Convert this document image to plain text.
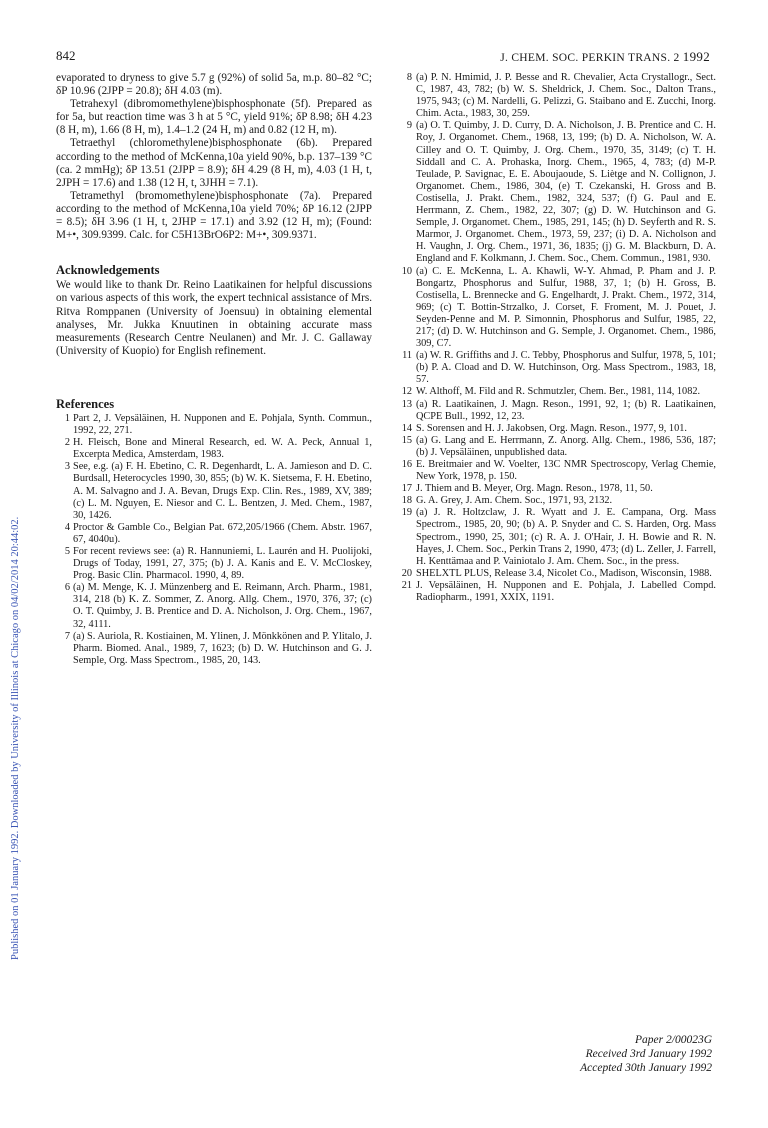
Published on 01 January 1992. Downloaded by University of Illinois at Chicago on 04/02/2014 20:44:02.
842	J. CHEM. SOC. PERKIN TRANS. 2 1992

evaporated to dryness to give 5.7 g (92%) of solid 5a, m.p. 80–82 °C; δP 10.96 (2JPP = 20.8); δH 4.03 (m).

Tetrahexyl (dibromomethylene)bisphosphonate (5f). Prepared as for 5a, but reaction time was 3 h at 5 °C, yield 91%; δP 8.98; δH 4.23 (8 H, m), 1.66 (8 H, m), 1.4–1.2 (24 H, m) and 0.82 (12 H, m).

Tetraethyl (chloromethylene)bisphosphonate (6b). Prepared according to the method of McKenna,10a yield 90%, b.p. 137–139 °C (ca. 2 mmHg); δP 13.51 (2JPP = 8.9); δH 4.29 (8 H, m), 4.03 (1 H, t, 2JPH = 17.6) and 1.38 (12 H, t, 3JHH = 7.1).

Tetramethyl (bromomethylene)bisphosphonate (7a). Prepared according to the method of McKenna,10a yield 70%; δP 16.12 (2JPP = 8.5); δH 3.96 (1 H, t, 2JHP = 17.1) and 3.92 (12 H, m); (Found: M+•, 309.9399. Calc. for C5H13BrO6P2: M+•, 309.9371.

Acknowledgements

We would like to thank Dr. Reino Laatikainen for helpful discussions on various aspects of this work, the expert technical assistance of Mrs. Ritva Romppanen (University of Joensuu) in obtaining elemental analyses, Mr. Jukka Knuutinen in obtaining accurate mass measurements (Research Centre Neulanen) and Mr. J. C. Gallaway (University of Kuopio) for English refinement.

References
1 Part 2, J. Vepsäläinen, H. Nupponen and E. Pohjala, Synth. Commun., 1992, 22, 271.
2 H. Fleisch, Bone and Mineral Research, ed. W. A. Peck, Annual 1, Excerpta Medica, Amsterdam, 1983.
3 See, e.g. (a) F. H. Ebetino, C. R. Degenhardt, L. A. Jamieson and D. C. Burdsall, Heterocycles 1990, 30, 855; (b) W. K. Sietsema, F. H. Ebetino, A. M. Salvagno and J. A. Bevan, Drugs Exp. Clin. Res., 1989, XV, 389; (c) L. M. Nguyen, E. Niesor and C. L. Bentzen, J. Med. Chem., 1987, 30, 1426.
4 Proctor & Gamble Co., Belgian Pat. 672,205/1966 (Chem. Abstr. 1967, 67, 4040u).
5 For recent reviews see: (a) R. Hannuniemi, L. Laurén and H. Puolijoki, Drugs of Today, 1991, 27, 375; (b) J. A. Kanis and E. V. McCloskey, Prog. Basic Clin. Pharmacol. 1990, 4, 89.
6 (a) M. Menge, K. J. Münzenberg and E. Reimann, Arch. Pharm., 1981, 314, 218 (b) K. Z. Sommer, Z. Anorg. Allg. Chem., 1970, 376, 37; (c) O. T. Quimby, J. B. Prentice and D. A. Nicholson, J. Org. Chem., 1967, 32, 4111.
7 (a) S. Auriola, R. Kostiainen, M. Ylinen, J. Mönkkönen and P. Ylitalo, J. Pharm. Biomed. Anal., 1989, 7, 1623; (b) D. W. Hutchinson and G. J. Semple, Org. Mass Spectrom., 1985, 20, 143.
8 (a) P. N. Hmimid, J. P. Besse and R. Chevalier, Acta Crystallogr., Sect. C, 1987, 43, 782; (b) W. S. Sheldrick, J. Chem. Soc., Dalton Trans., 1975, 943; (c) M. Nardelli, G. Pelizzi, G. Staibano and E. Zucchi, Inorg. Chim. Acta., 1983, 30, 259.
9 (a) O. T. Quimby, J. D. Curry, D. A. Nicholson, J. B. Prentice and C. H. Roy, J. Organomet. Chem., 1968, 13, 199; (b) D. A. Nicholson, W. A. Cilley and O. T. Quimby, J. Org. Chem., 1970, 35, 3149; (c) T. H. Siddall and C. A. Prohaska, Inorg. Chem., 1965, 4, 783; (d) M-P. Teulade, P. Savignac, E. E. Aboujaoude, S. Liètge and N. Collignon, J. Organomet. Chem., 1986, 304, (e) T. Czekanski, H. Gross and B. Costisella, J. Prakt. Chem., 1982, 324, 537; (f) G. Paul and E. Herrmann, Z. Chem., 1982, 22, 307; (g) D. W. Hutchinson and G. Semple, J. Organomet. Chem., 1985, 291, 145; (h) D. Seyferth and R. S. Marmor, J. Organomet. Chem., 1973, 59, 237; (i) D. A. Nicholson and H. Vaughn, J. Org. Chem., 1971, 36, 1835; (j) G. M. Blackburn, D. A. England and F. Kolkmann, J. Chem. Soc., Chem. Commun., 1981, 930.
10 (a) C. E. McKenna, L. A. Khawli, W-Y. Ahmad, P. Pham and J. P. Bongartz, Phosphorus and Sulfur, 1988, 37, 1; (b) H. Gross, B. Costisella, L. Brennecke and G. Engelhardt, J. Prakt. Chem., 1972, 314, 969; (c) T. Bottin-Strzalko, J. Corset, F. Froment, M. J. Pouet, J. Seyden-Penne and M. P. Simonnin, Phosphorus and Sulfur, 1985, 22, 217; (d) D. W. Hutchinson and G. Semple, J. Organomet. Chem., 1986, 309, C7.
11 (a) W. R. Griffiths and J. C. Tebby, Phosphorus and Sulfur, 1978, 5, 101; (b) P. A. Cload and D. W. Hutchinson, Org. Mass Spectrom., 1983, 18, 57.
12 W. Althoff, M. Fild and R. Schmutzler, Chem. Ber., 1981, 114, 1082.
13 (a) R. Laatikainen, J. Magn. Reson., 1991, 92, 1; (b) R. Laatikainen, QCPE Bull., 1992, 12, 23.
14 S. Sorensen and H. J. Jakobsen, Org. Magn. Reson., 1977, 9, 101.
15 (a) G. Lang and E. Herrmann, Z. Anorg. Allg. Chem., 1986, 536, 187; (b) J. Vepsäläinen, unpublished data.
16 E. Breitmaier and W. Voelter, 13C NMR Spectroscopy, Verlag Chemie, New York, 1978, p. 150.
17 J. Thiem and B. Meyer, Org. Magn. Reson., 1978, 11, 50.
18 G. A. Grey, J. Am. Chem. Soc., 1971, 93, 2132.
19 (a) J. R. Holtzclaw, J. R. Wyatt and J. E. Campana, Org. Mass Spectrom., 1985, 20, 90; (b) A. P. Snyder and C. S. Harden, Org. Mass Spectrom., 1990, 25, 301; (c) R. A. J. O'Hair, J. H. Bowie and R. N. Hayes, J. Chem. Soc., Perkin Trans 2, 1990, 473; (d) L. Zeller, J. Farrell, H. Kenttämaa and P. Vainiotalo J. Am. Chem. Soc., in the press.
20 SHELXTL PLUS, Release 3.4, Nicolet Co., Madison, Wisconsin, 1988.
21 J. Vepsäläinen, H. Nupponen and E. Pohjala, J. Labelled Compd. Radiopharm., 1991, XXIX, 1191.
Paper 2/00023G
Received 3rd January 1992
Accepted 30th January 1992
